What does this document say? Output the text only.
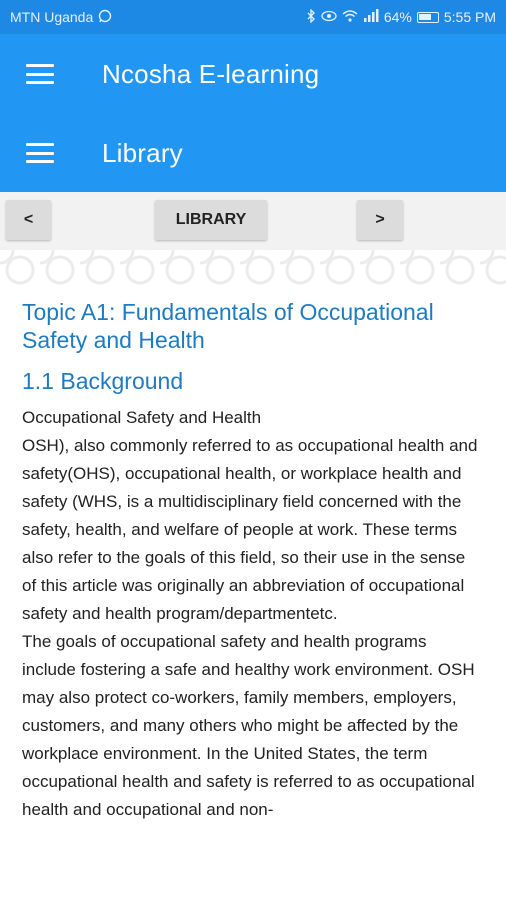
MTN Uganda	64% 5:55 PM
Ncosha E-learning
Library
<	LIBRARY	>
Topic A1: Fundamentals of Occupational Safety and Health
1.1 Background

Occupational Safety and Health
OSH), also commonly referred to as occupational health and safety(OHS), occupational health, or workplace health and safety (WHS, is a multidisciplinary field concerned with the safety, health, and welfare of people at work. These terms also refer to the goals of this field, so their use in the sense of this article was originally an abbreviation of occupational safety and health program/departmentetc.

The goals of occupational safety and health programs include fostering a safe and healthy work environment. OSH may also protect co-workers, family members, employers, customers, and many others who might be affected by the workplace environment. In the United States, the term occupational health and safety is referred to as occupational health and occupational and non-
